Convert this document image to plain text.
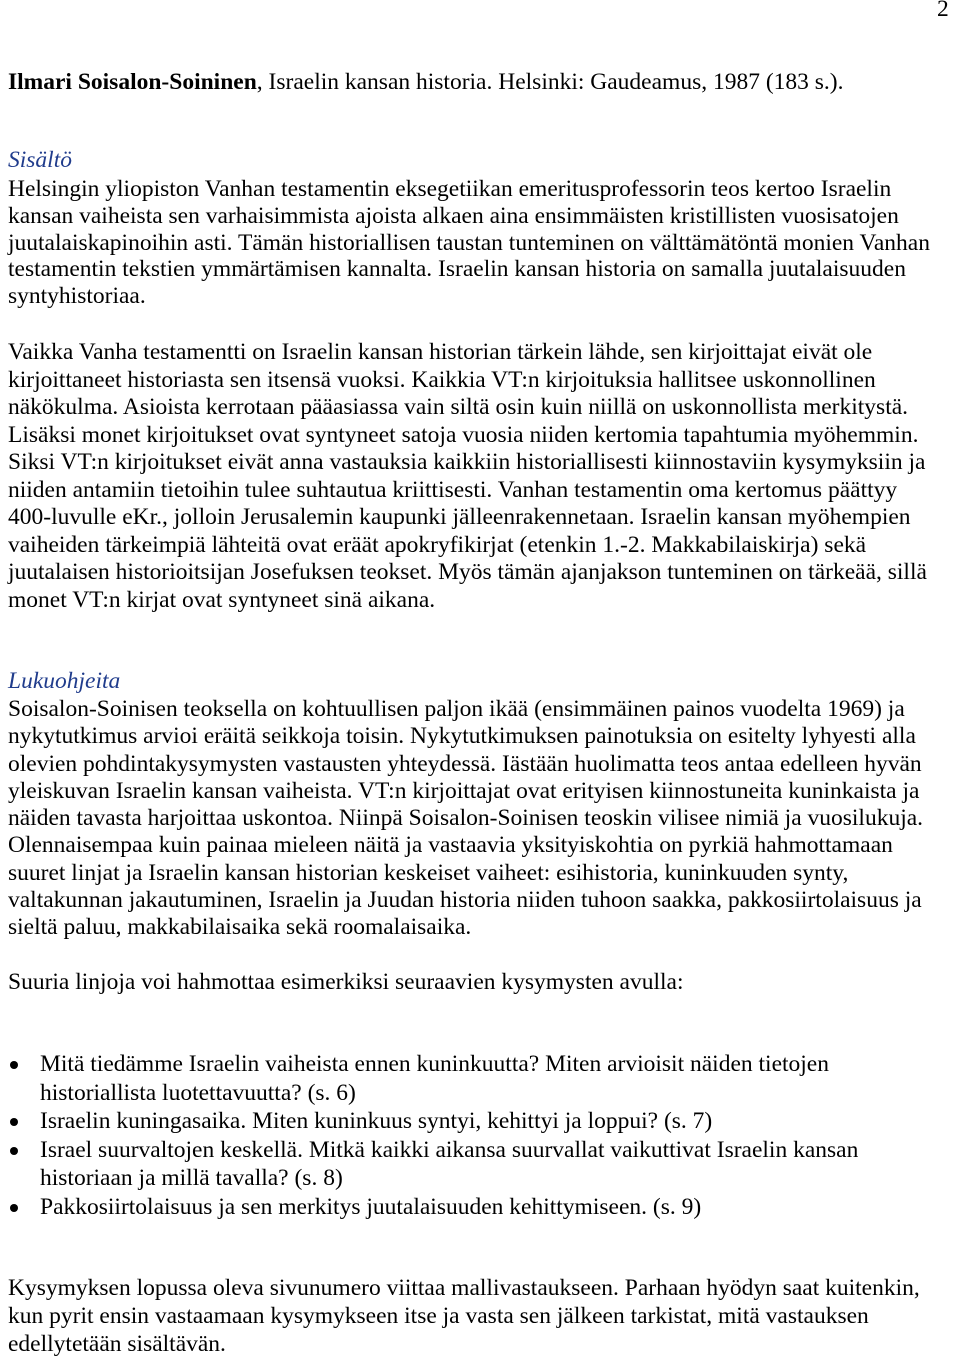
2
Ilmari Soisalon-Soininen, Israelin kansan historia. Helsinki: Gaudeamus, 1987 (183 s.).
Sisältö
Helsingin yliopiston Vanhan testamentin eksegetiikan emeritusprofessorin teos kertoo Israelin
kansan vaiheista sen varhaisimmista ajoista alkaen aina ensimmäisten kristillisten vuosisatojen
juutalaiskapinoihin asti. Tämän historiallisen taustan tunteminen on välttämätöntä monien Vanhan
testamentin tekstien ymmärtämisen kannalta. Israelin kansan historia on samalla juutalaisuuden
syntyhistoriaa.
Vaikka Vanha testamentti on Israelin kansan historian tärkein lähde, sen kirjoittajat eivät ole
kirjoittaneet historiasta sen itsensä vuoksi. Kaikkia VT:n kirjoituksia hallitsee uskonnollinen
näkökulma. Asioista kerrotaan pääasiassa vain siltä osin kuin niillä on uskonnollista merkitystä.
Lisäksi monet kirjoitukset ovat syntyneet satoja vuosia niiden kertomia tapahtumia myöhemmin.
Siksi VT:n kirjoitukset eivät anna vastauksia kaikkiin historiallisesti kiinnostaviin kysymyksiin ja
niiden antamiin tietoihin tulee suhtautua kriittisesti. Vanhan testamentin oma kertomus päättyy
400-luvulle eKr., jolloin Jerusalemin kaupunki jälleenrakennetaan. Israelin kansan myöhempien
vaiheiden tärkeimpiä lähteitä ovat eräät apokryfikirjat (etenkin 1.-2. Makkabilaiskirja) sekä
juutalaisen historioitsijan Josefuksen teokset. Myös tämän ajanjakson tunteminen on tärkeää, sillä
monet VT:n kirjat ovat syntyneet sinä aikana.
Lukuohjeita
Soisalon-Soinisen teoksella on kohtuullisen paljon ikää (ensimmäinen painos vuodelta 1969) ja
nykytutkimus arvioi eräitä seikkoja toisin. Nykytutkimuksen painotuksia on esitelty lyhyesti alla
olevien pohdintakysymysten vastausten yhteydessä. Iästään huolimatta teos antaa edelleen hyvän
yleiskuvan Israelin kansan vaiheista. VT:n kirjoittajat ovat erityisen kiinnostuneita kuninkaista ja
näiden tavasta harjoittaa uskontoa. Niinpä Soisalon-Soinisen teoskin vilisee nimiä ja vuosilukuja.
Olennaisempaa kuin painaa mieleen näitä ja vastaavia yksityiskohtia on pyrkiä hahmottamaan
suuret linjat ja Israelin kansan historian keskeiset vaiheet: esihistoria, kuninkuuden synty,
valtakunnan jakautuminen, Israelin ja Juudan historia niiden tuhoon saakka, pakkosiirtolaisuus ja
sieltä paluu, makkabilaisaika sekä roomalaisaika.
Suuria linjoja voi hahmottaa esimerkiksi seuraavien kysymysten avulla:
Mitä tiedämme Israelin vaiheista ennen kuninkuutta? Miten arvioisit näiden tietojen
historiallista luotettavuutta? (s. 6)
Israelin kuningasaika. Miten kuninkuus syntyi, kehittyi ja loppui? (s. 7)
Israel suurvaltojen keskellä. Mitkä kaikki aikansa suurvallat vaikuttivat Israelin kansan
historiaan ja millä tavalla? (s. 8)
Pakkosiirtolaisuus ja sen merkitys juutalaisuuden kehittymiseen. (s. 9)
Kysymyksen lopussa oleva sivunumero viittaa mallivastaukseen. Parhaan hyödyn saat kuitenkin,
kun pyrit ensin vastaamaan kysymykseen itse ja vasta sen jälkeen tarkistat, mitä vastauksen
edellytetään sisältävän.
